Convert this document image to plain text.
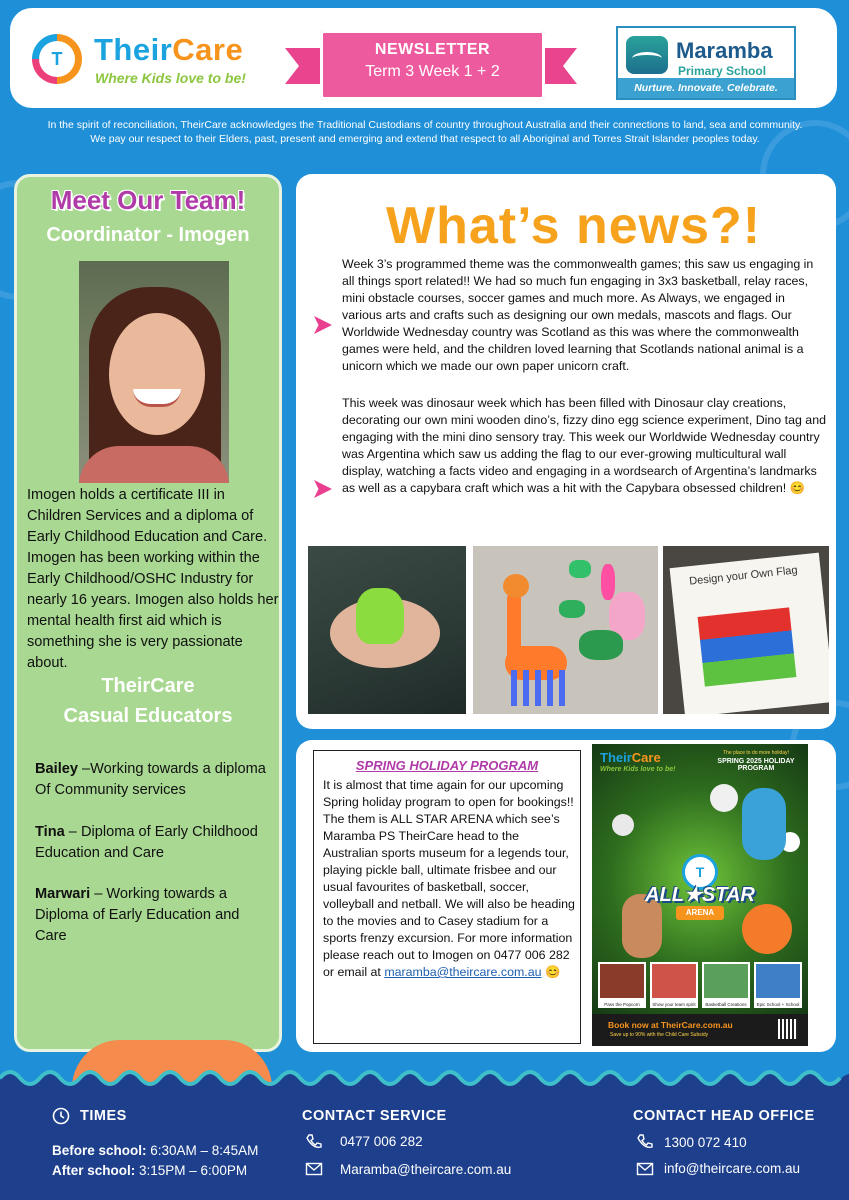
T	TheirCare
Where Kids love to be!
NEWSLETTER
Term 3 Week 1 + 2
Maramba
Primary School
Nurture. Innovate. Celebrate.
In the spirit of reconciliation, TheirCare acknowledges the Traditional Custodians of country throughout Australia and their connections to land, sea and community. We pay our respect to their Elders, past, present and emerging and extend that respect to all Aboriginal and Torres Strait Islander peoples today.
Meet Our Team!
Coordinator - Imogen
Imogen holds a certificate III in Children Services and a diploma of Early Childhood Education and Care. Imogen has been working within the Early Childhood/OSHC Industry for nearly 16 years. Imogen also holds her mental health first aid which is something she is very passionate about.
TheirCare
Casual Educators
Bailey –Working towards a diploma Of Community services
Tina – Diploma of Early Childhood Education and Care
Marwari – Working towards a Diploma of Early Education and Care
What’s news?!
Week 3’s programmed theme was the commonwealth games; this saw us engaging in all things sport related!! We had so much fun engaging in 3x3 basketball, relay races, mini obstacle courses, soccer games and much more. As Always, we engaged in various arts and crafts such as designing our own medals, mascots and flags. Our Worldwide Wednesday country was Scotland as this was where the commonwealth games were held, and the children loved learning that Scotlands national animal is a unicorn which we made our own paper unicorn craft.
This week was dinosaur week which has been filled with Dinosaur clay creations, decorating our own mini wooden dino’s, fizzy dino egg science experiment, Dino tag and engaging with the mini dino sensory tray. This week our Worldwide Wednesday country was Argentina which saw us adding the flag to our ever-growing multicultural wall display, watching a facts video and engaging in a wordsearch of Argentina’s landmarks as well as a capybara craft which was a hit with the Capybara obsessed children! 😊
Design your Own Flag
SPRING HOLIDAY PROGRAM
It is almost that time again for our upcoming Spring holiday program to open for bookings!! The them is ALL STAR ARENA which see’s Maramba PS TheirCare head to the Australian sports museum for a legends tour, playing pickle ball, ultimate frisbee and our usual favourites of basketball, soccer, volleyball and netball. We will also be heading to the movies and to Casey stadium for a sports frenzy excursion. For more information please reach out to Imogen on 0477 006 282 or email at maramba@theircare.com.au 😊
TheirCare
Where Kids love to be!
The place to do more holiday!
SPRING 2025 HOLIDAY PROGRAM
T
ALL★STAR
ARENA
Pass the Popcorn	Show your team spirit	Basketball Creations	Epic School + School
Book now at TheirCare.com.au
Save up to 90% with the Child Care Subsidy
TIMES
Before school: 6:30AM – 8:45AM
After school: 3:15PM – 6:00PM
CONTACT SERVICE
0477 006 282
Maramba@theircare.com.au
CONTACT HEAD OFFICE
1300 072 410
info@theircare.com.au
